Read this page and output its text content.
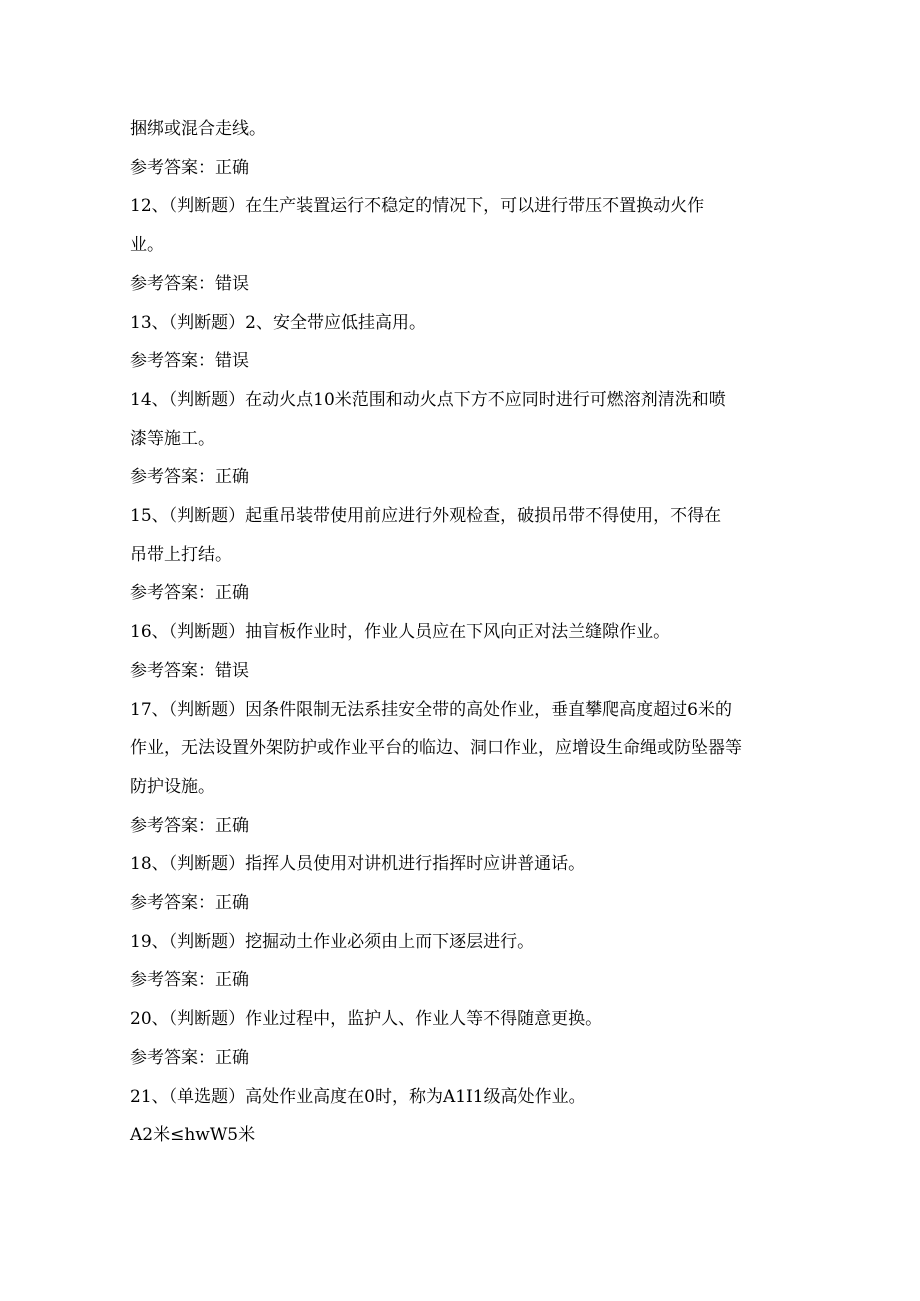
捆绑或混合走线。

参考答案：正确

12、（判断题）在生产装置运行不稳定的情况下，可以进行带压不置换动火作

业。

参考答案：错误

13、（判断题）2、安全带应低挂高用。

参考答案：错误

14、（判断题）在动火点10米范围和动火点下方不应同时进行可燃溶剂清洗和喷

漆等施工。

参考答案：正确

15、（判断题）起重吊装带使用前应进行外观检查，破损吊带不得使用，不得在

吊带上打结。

参考答案：正确

16、（判断题）抽盲板作业时，作业人员应在下风向正对法兰缝隙作业。

参考答案：错误

17、（判断题）因条件限制无法系挂安全带的高处作业，垂直攀爬高度超过6米的

作业，无法设置外架防护或作业平台的临边、洞口作业，应增设生命绳或防坠器等

防护设施。

参考答案：正确

18、（判断题）指挥人员使用对讲机进行指挥时应讲普通话。

参考答案：正确

19、（判断题）挖掘动土作业必须由上而下逐层进行。

参考答案：正确

20、（判断题）作业过程中，监护人、作业人等不得随意更换。

参考答案：正确

21、（单选题）高处作业高度在0时，称为A1I1级高处作业。

A2米≤hwW5米
